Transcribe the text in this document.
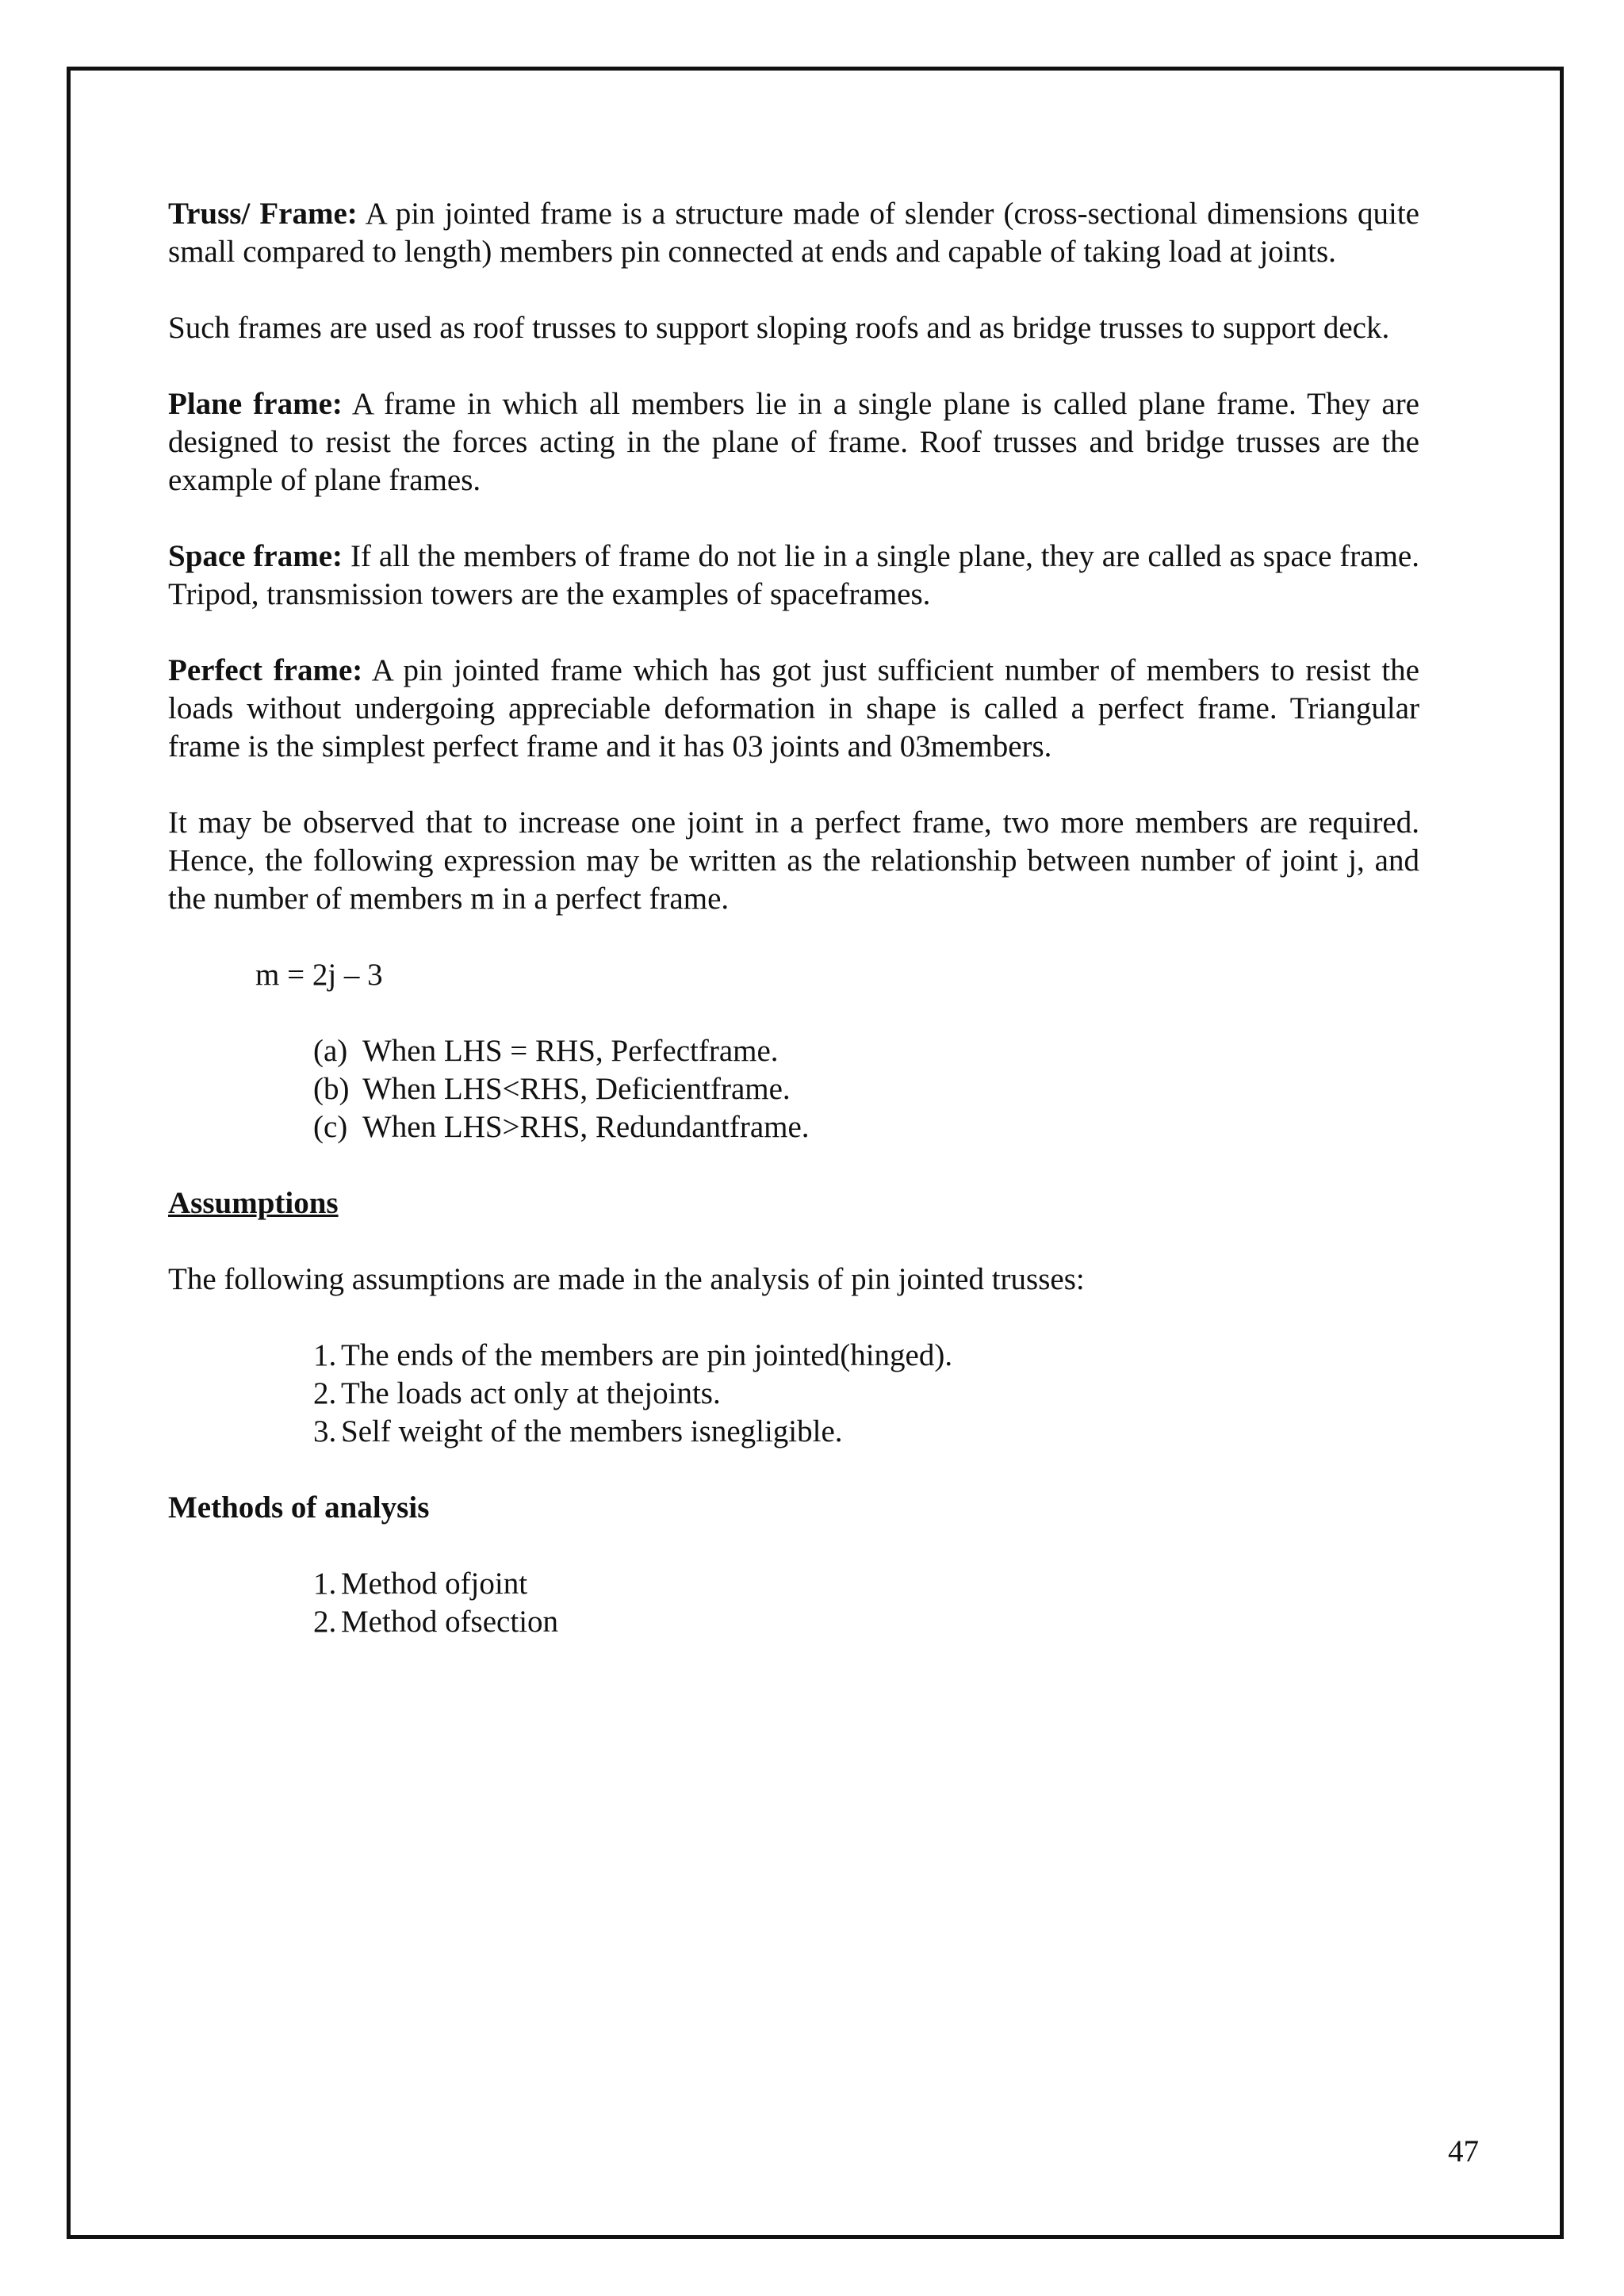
Truss/ Frame: A pin jointed frame is a structure made of slender (cross-sectional dimensions quite small compared to length) members pin connected at ends and capable of taking load at joints.

Such frames are used as roof trusses to support sloping roofs and as bridge trusses to support deck.

Plane frame: A frame in which all members lie in a single plane is called plane frame. They are designed to resist the forces acting in the plane of frame. Roof trusses and bridge trusses are the example of plane frames.

Space frame: If all the members of frame do not lie in a single plane, they are called as space frame. Tripod, transmission towers are the examples of spaceframes.

Perfect frame: A pin jointed frame which has got just sufficient number of members to resist the loads without undergoing appreciable deformation in shape is called a perfect frame. Triangular frame is the simplest perfect frame and it has 03 joints and 03members.

It may be observed that to increase one joint in a perfect frame, two more members are required. Hence, the following expression may be written as the relationship between number of joint j, and the number of members m in a perfect frame.

m = 2j – 3

(a) When LHS = RHS, Perfectframe.
(b) When LHS<RHS, Deficientframe.
(c) When LHS>RHS, Redundantframe.

Assumptions

The following assumptions are made in the analysis of pin jointed trusses:

1. The ends of the members are pin jointed(hinged).
2. The loads act only at thejoints.
3. Self weight of the members isnegligible.

Methods of analysis

1. Method ofjoint
2. Method ofsection
47
